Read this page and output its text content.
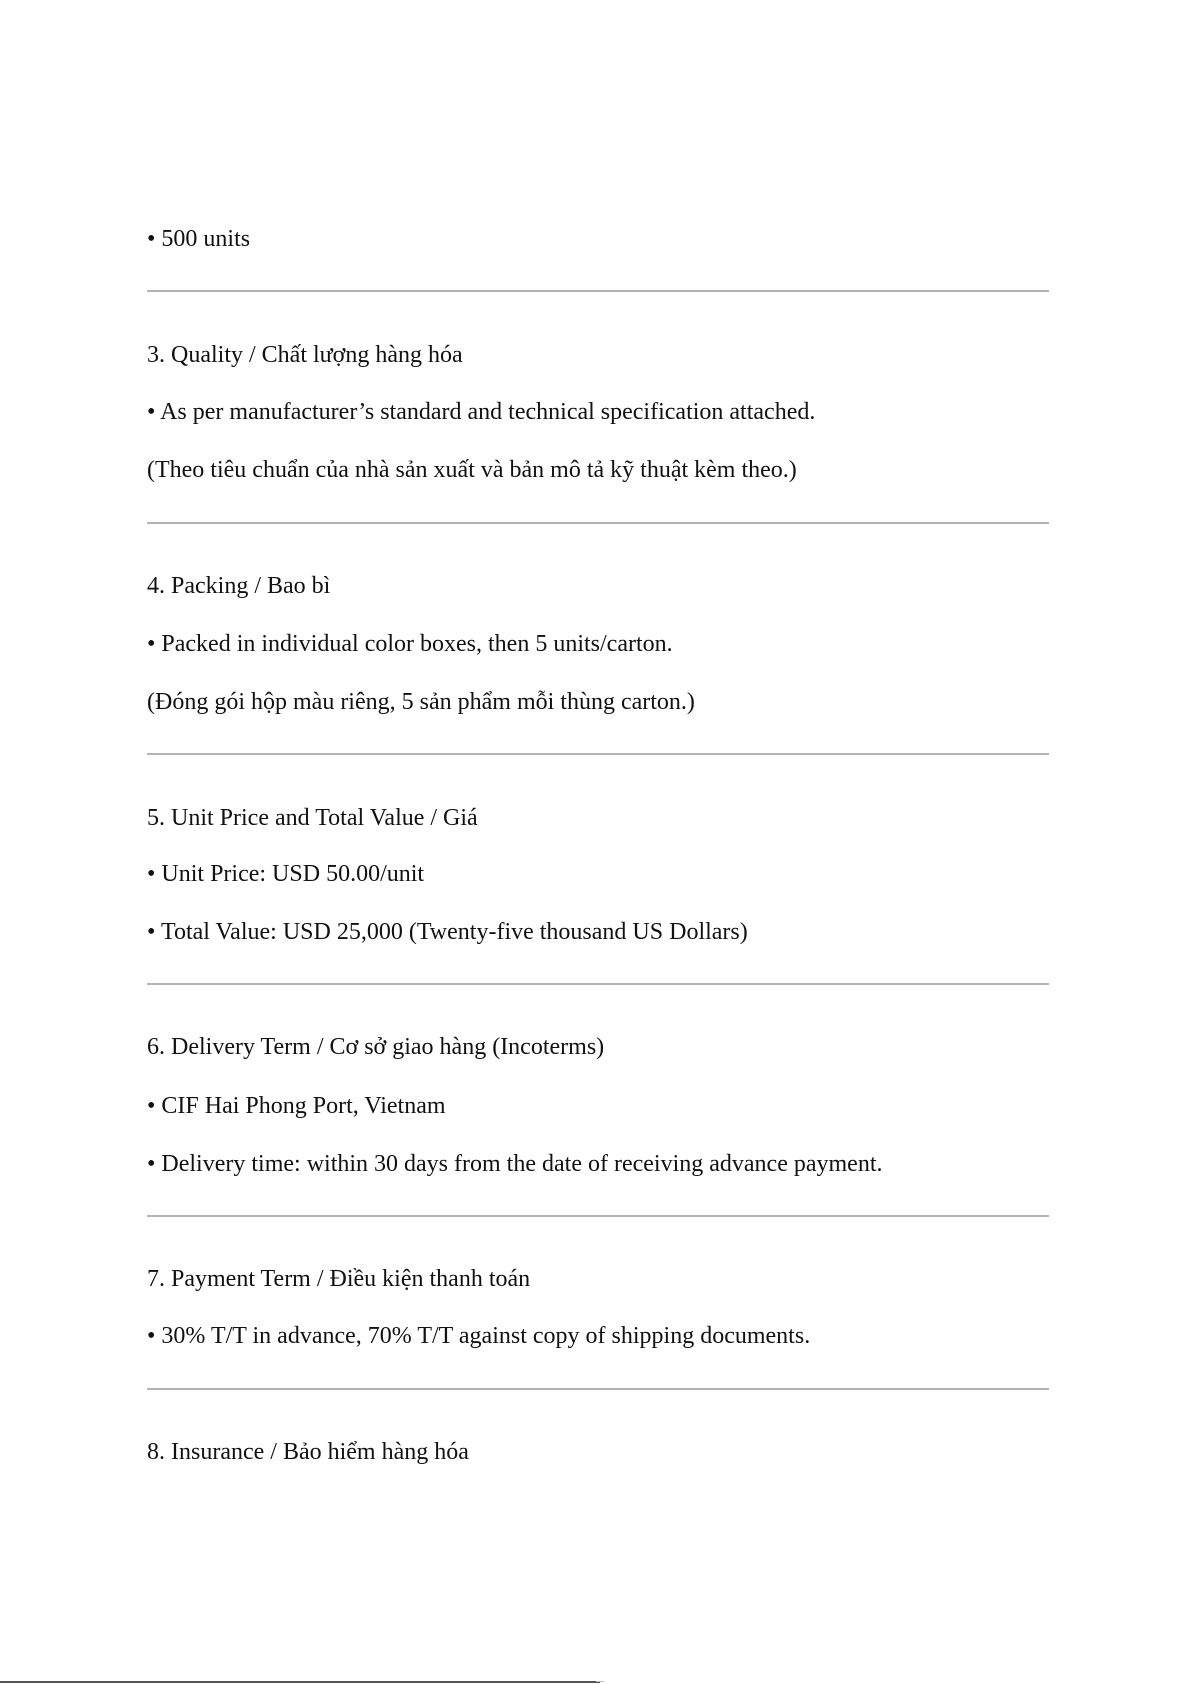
• 500 units
3. Quality / Chất lượng hàng hóa
• As per manufacturer’s standard and technical specification attached.
(Theo tiêu chuẩn của nhà sản xuất và bản mô tả kỹ thuật kèm theo.)
4. Packing / Bao bì
• Packed in individual color boxes, then 5 units/carton.
(Đóng gói hộp màu riêng, 5 sản phẩm mỗi thùng carton.)
5. Unit Price and Total Value / Giá
• Unit Price: USD 50.00/unit
• Total Value: USD 25,000 (Twenty-five thousand US Dollars)
6. Delivery Term / Cơ sở giao hàng (Incoterms)
• CIF Hai Phong Port, Vietnam
• Delivery time: within 30 days from the date of receiving advance payment.
7. Payment Term / Điều kiện thanh toán
• 30% T/T in advance, 70% T/T against copy of shipping documents.
8. Insurance / Bảo hiểm hàng hóa
